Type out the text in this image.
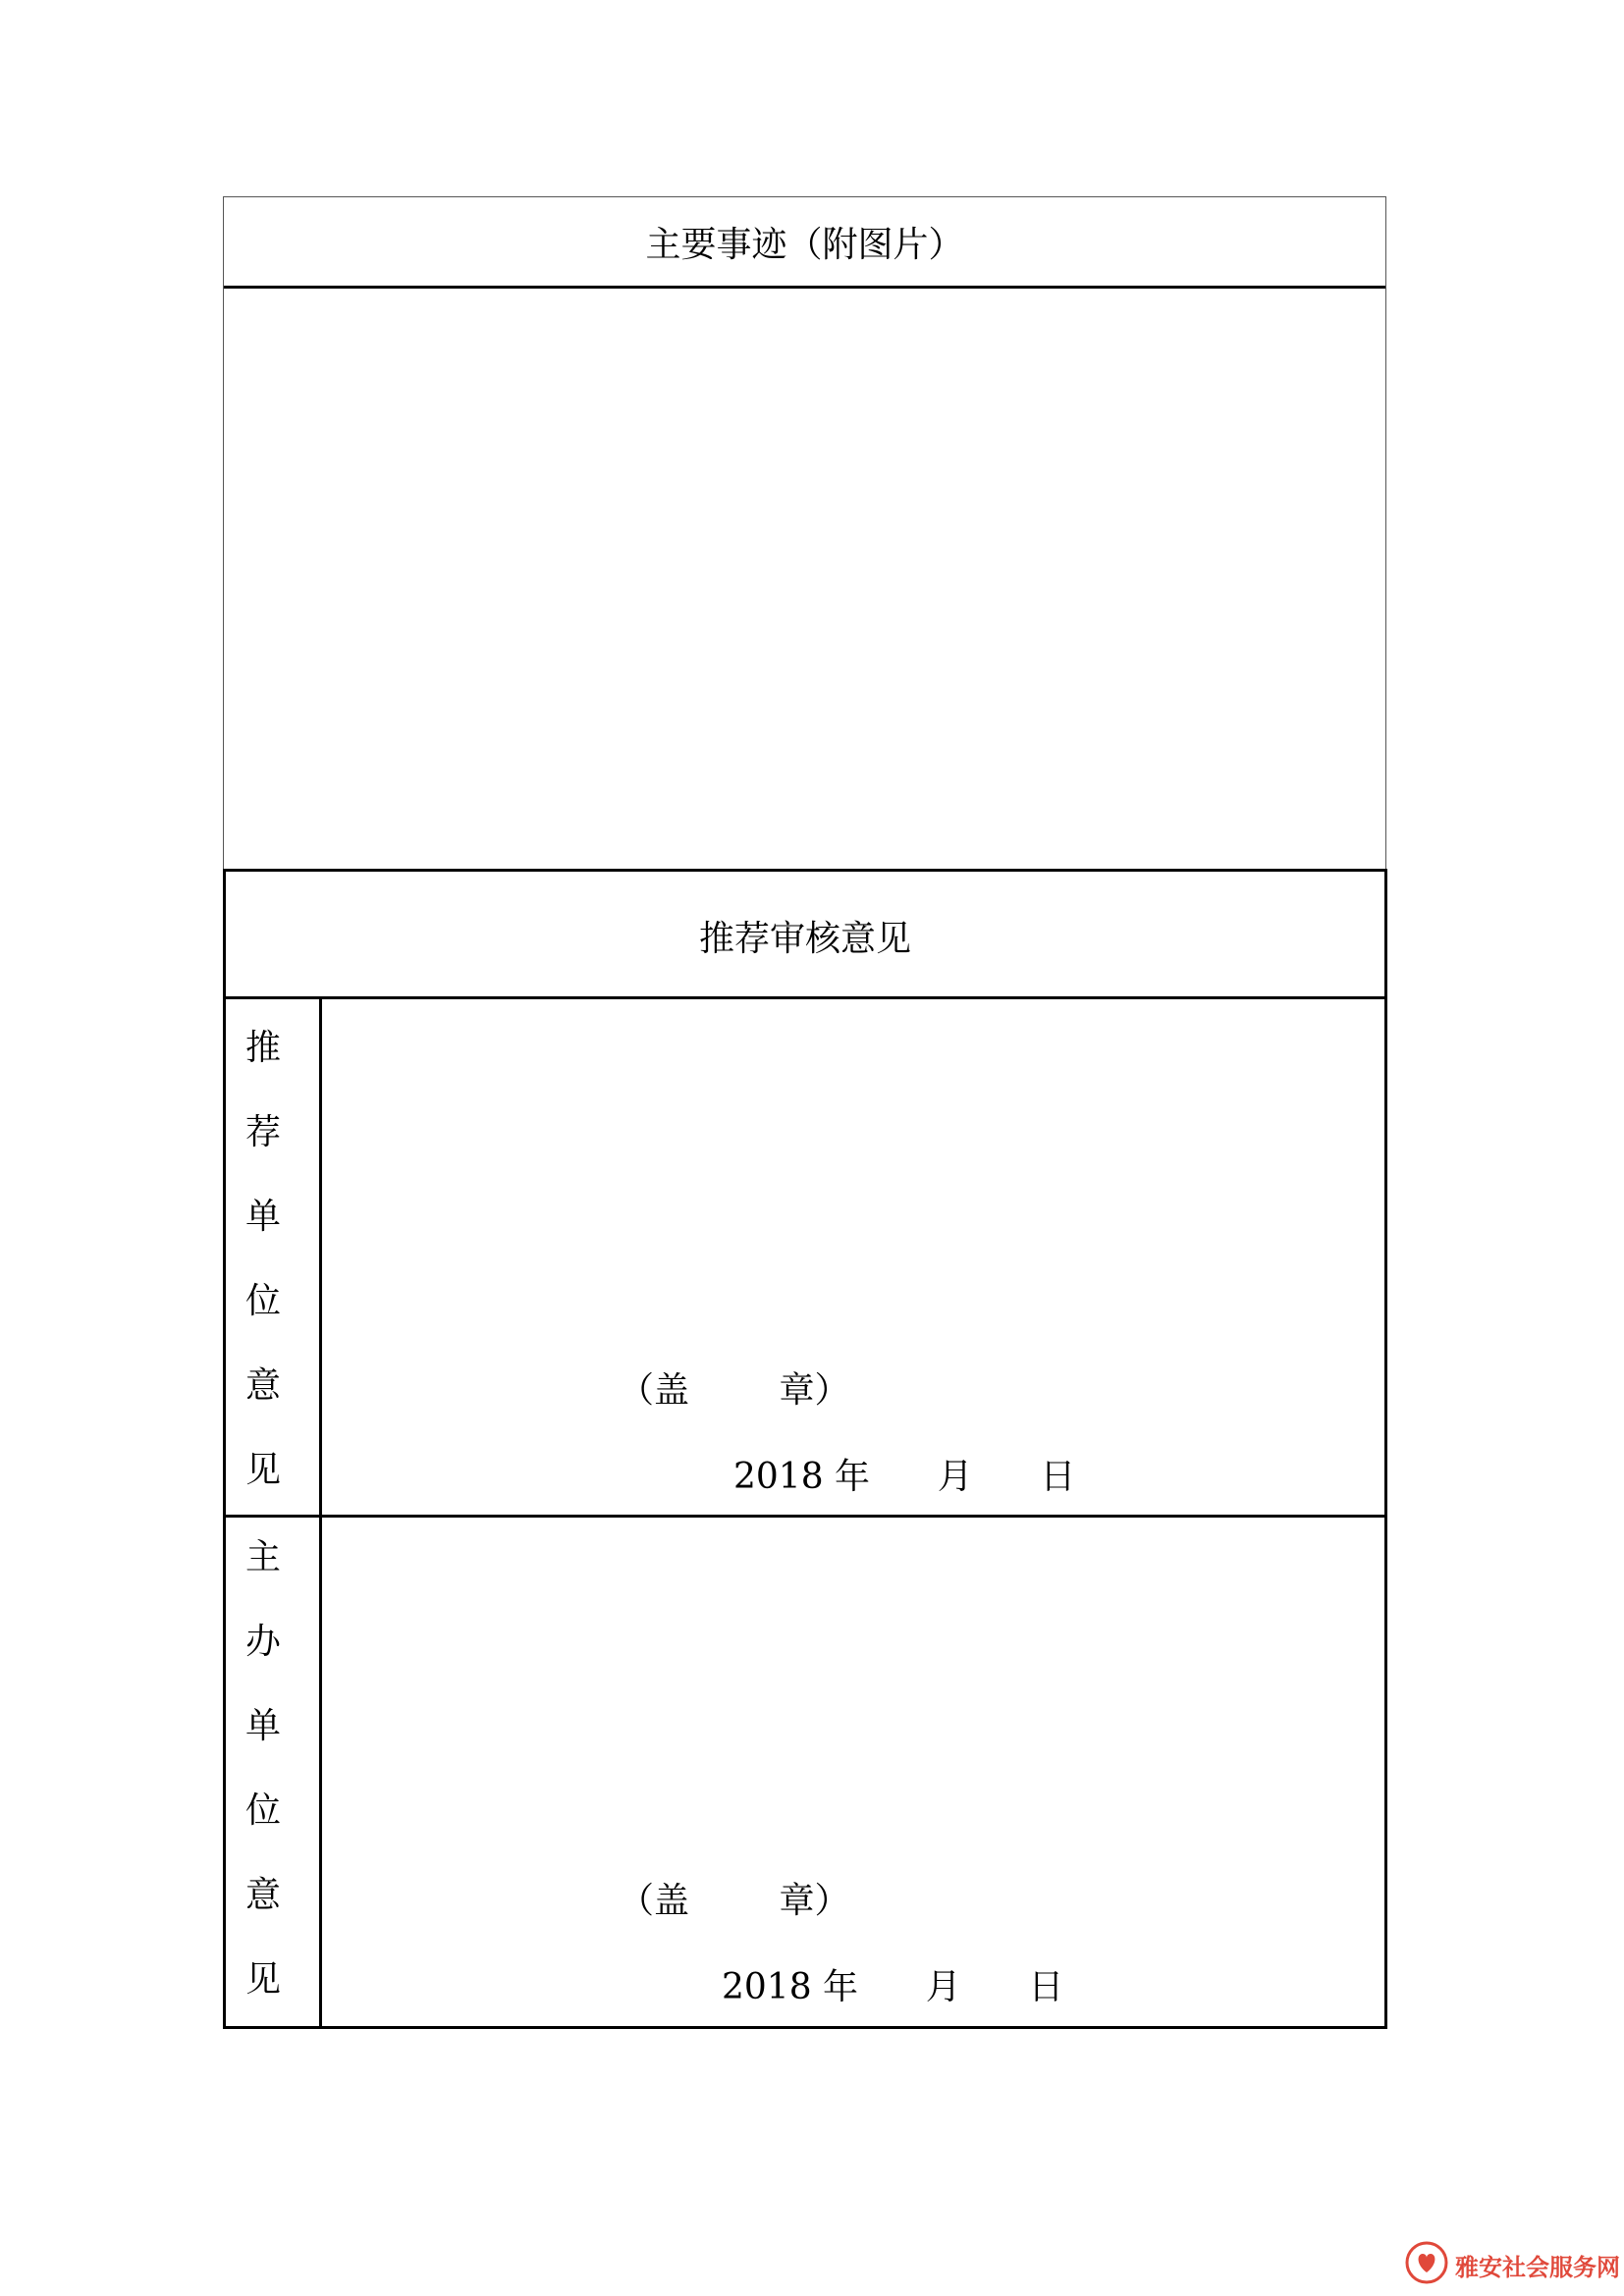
主要事迹（附图片）
推荐审核意见
推
荐
单
位
意
见
（盖        章）
2018 年      月      日
主
办
单
位
意
见
（盖        章）
2018 年      月      日
雅安社会服务网
